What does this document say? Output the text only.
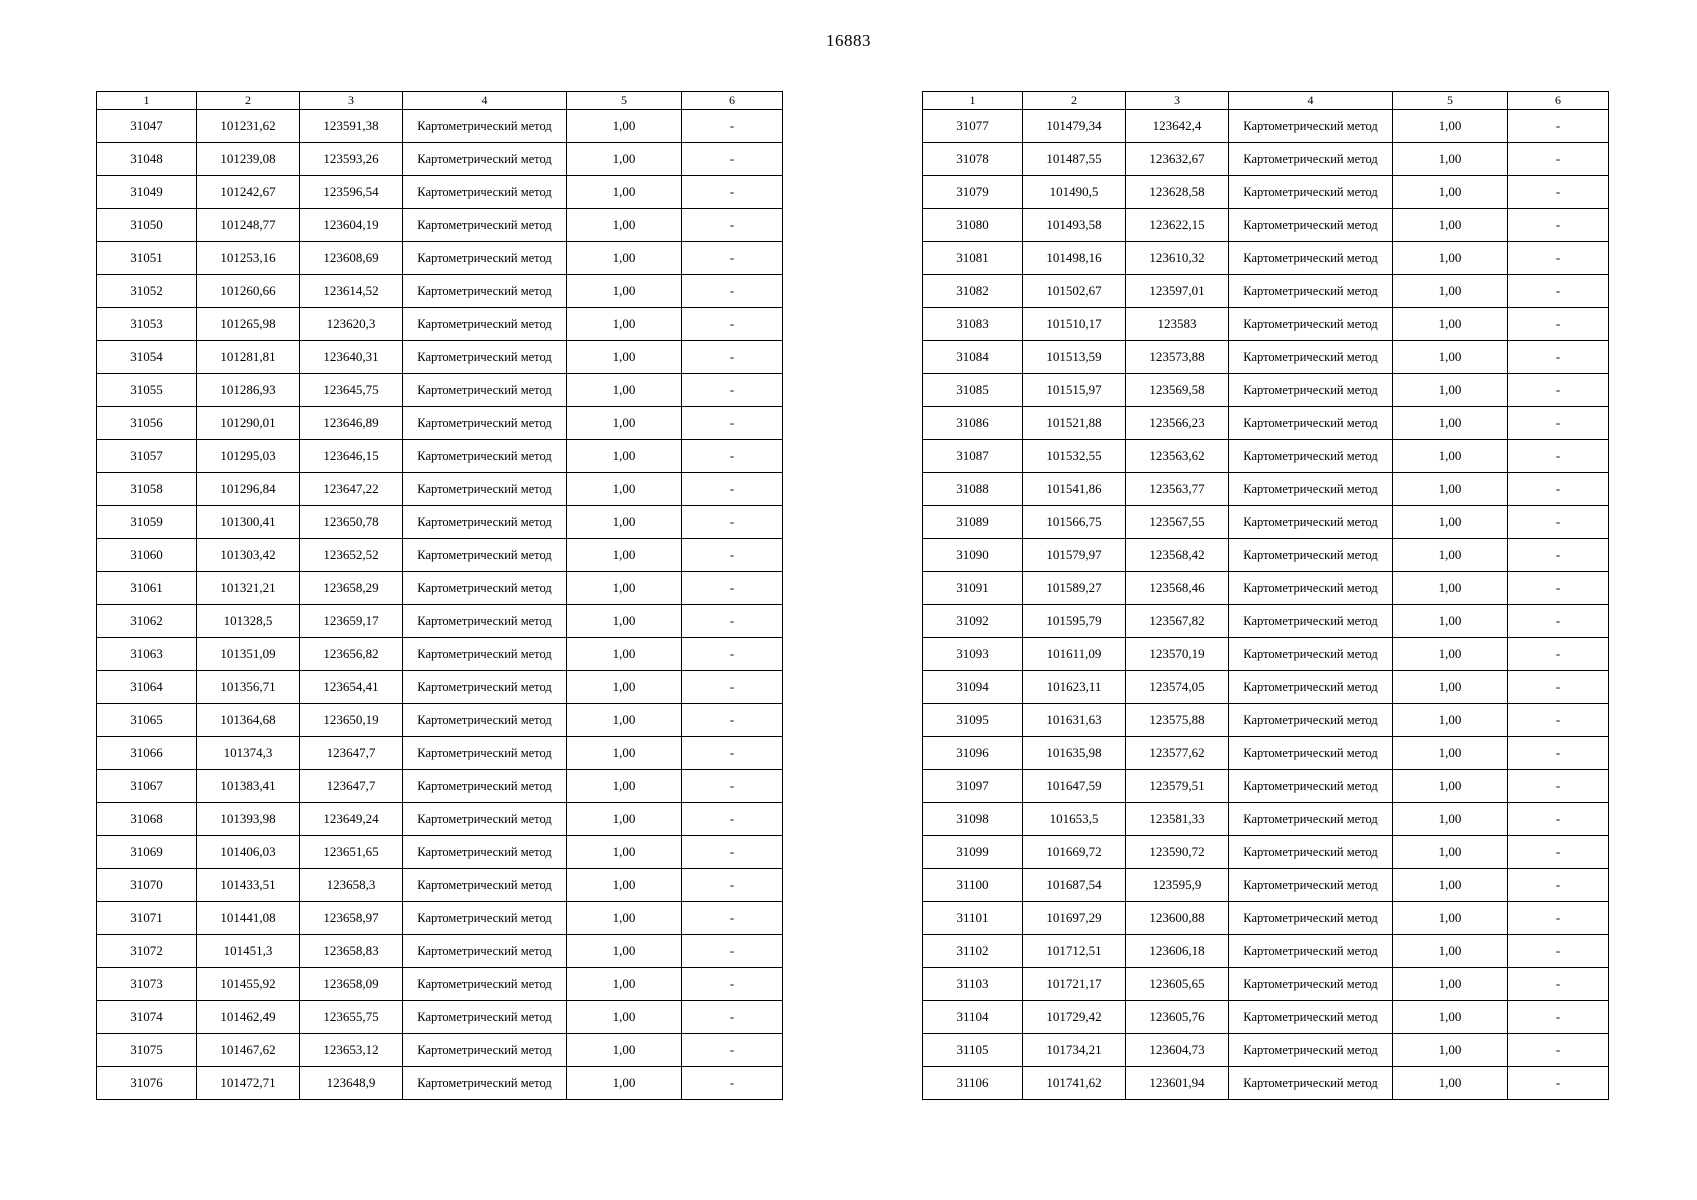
16883
1	2	3	4	5	6
31047	101231,62	123591,38	Картометрический метод	1,00	-
31048	101239,08	123593,26	Картометрический метод	1,00	-
31049	101242,67	123596,54	Картометрический метод	1,00	-
31050	101248,77	123604,19	Картометрический метод	1,00	-
31051	101253,16	123608,69	Картометрический метод	1,00	-
31052	101260,66	123614,52	Картометрический метод	1,00	-
31053	101265,98	123620,3	Картометрический метод	1,00	-
31054	101281,81	123640,31	Картометрический метод	1,00	-
31055	101286,93	123645,75	Картометрический метод	1,00	-
31056	101290,01	123646,89	Картометрический метод	1,00	-
31057	101295,03	123646,15	Картометрический метод	1,00	-
31058	101296,84	123647,22	Картометрический метод	1,00	-
31059	101300,41	123650,78	Картометрический метод	1,00	-
31060	101303,42	123652,52	Картометрический метод	1,00	-
31061	101321,21	123658,29	Картометрический метод	1,00	-
31062	101328,5	123659,17	Картометрический метод	1,00	-
31063	101351,09	123656,82	Картометрический метод	1,00	-
31064	101356,71	123654,41	Картометрический метод	1,00	-
31065	101364,68	123650,19	Картометрический метод	1,00	-
31066	101374,3	123647,7	Картометрический метод	1,00	-
31067	101383,41	123647,7	Картометрический метод	1,00	-
31068	101393,98	123649,24	Картометрический метод	1,00	-
31069	101406,03	123651,65	Картометрический метод	1,00	-
31070	101433,51	123658,3	Картометрический метод	1,00	-
31071	101441,08	123658,97	Картометрический метод	1,00	-
31072	101451,3	123658,83	Картометрический метод	1,00	-
31073	101455,92	123658,09	Картометрический метод	1,00	-
31074	101462,49	123655,75	Картометрический метод	1,00	-
31075	101467,62	123653,12	Картометрический метод	1,00	-
31076	101472,71	123648,9	Картометрический метод	1,00	-
1	2	3	4	5	6
31077	101479,34	123642,4	Картометрический метод	1,00	-
31078	101487,55	123632,67	Картометрический метод	1,00	-
31079	101490,5	123628,58	Картометрический метод	1,00	-
31080	101493,58	123622,15	Картометрический метод	1,00	-
31081	101498,16	123610,32	Картометрический метод	1,00	-
31082	101502,67	123597,01	Картометрический метод	1,00	-
31083	101510,17	123583	Картометрический метод	1,00	-
31084	101513,59	123573,88	Картометрический метод	1,00	-
31085	101515,97	123569,58	Картометрический метод	1,00	-
31086	101521,88	123566,23	Картометрический метод	1,00	-
31087	101532,55	123563,62	Картометрический метод	1,00	-
31088	101541,86	123563,77	Картометрический метод	1,00	-
31089	101566,75	123567,55	Картометрический метод	1,00	-
31090	101579,97	123568,42	Картометрический метод	1,00	-
31091	101589,27	123568,46	Картометрический метод	1,00	-
31092	101595,79	123567,82	Картометрический метод	1,00	-
31093	101611,09	123570,19	Картометрический метод	1,00	-
31094	101623,11	123574,05	Картометрический метод	1,00	-
31095	101631,63	123575,88	Картометрический метод	1,00	-
31096	101635,98	123577,62	Картометрический метод	1,00	-
31097	101647,59	123579,51	Картометрический метод	1,00	-
31098	101653,5	123581,33	Картометрический метод	1,00	-
31099	101669,72	123590,72	Картометрический метод	1,00	-
31100	101687,54	123595,9	Картометрический метод	1,00	-
31101	101697,29	123600,88	Картометрический метод	1,00	-
31102	101712,51	123606,18	Картометрический метод	1,00	-
31103	101721,17	123605,65	Картометрический метод	1,00	-
31104	101729,42	123605,76	Картометрический метод	1,00	-
31105	101734,21	123604,73	Картометрический метод	1,00	-
31106	101741,62	123601,94	Картометрический метод	1,00	-
